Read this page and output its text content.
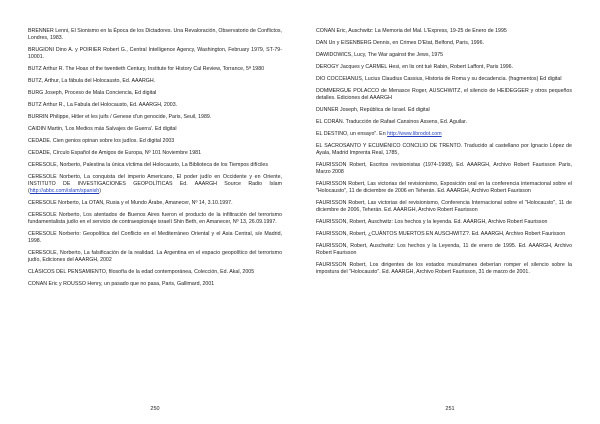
BRENNER Lenni, El Sionismo en la Época de los Dictadores. Una Revaloración, Observatorio de Conflictos, Londres, 1983.

BRUGIONI Dino A. y POIRIER Robert G., Central Intelligence Agency, Washington, February 1979, ST-79-10001.

BUTZ Arthur R. The Hoax of the twentieth Century, Institute for History Cal Review, Torrance, 5ª 1980

BUTZ, Arthur, La fábula del Holocausto, Ed. AAARGH.

BURG Joseph, Proceso de Mala Conciencia, Ed digital

BUTZ Arthur R., La Fabula del Holocausto, Ed. AAARGH, 2003.

BURRIN Philippe, Hitler et les juifs / Genese d'un genocide, Paris, Seuil, 1989.

CAIDIN Martin, 'Los Medios más Salvajes de Guerra'. Ed digital

CEDADE. Cien genios opinan sobre los judíos. Ed digital 2003

CEDADE, Círculo Español de Amigos de Europa, Nº 101 Noviembre 1981

CERESOLE, Norberto, Palestina la única víctima del Holocausto, La Biblioteca de los Tiempos difíciles

CERESOLE Norberto, La conquista del imperio Americano, El poder judío en Occidente y en Oriente, INSTITUTO DE INVESTIGACIONES GEOPOLÍTICAS Ed. AAARGH Source Radio Islam (http://abbc.com/islam/spanish)

CERESOLE Norberto, La OTAN, Rusia y el Mundo Árabe, Amanecer, Nº 14, 3.10.1997.

CERESOLE Norberto, Los atentados de Buenos Aires fueron el producto de la infiltración del terrorismo fundamentalista judío en el servicio de contraespionaje israelí Shin Beth, en Amanecer, Nº 13, 26.09.1997.

CERESOLE Norberto: Geopolítica del Conflicto en el Mediterráneo Oriental y el Asia Central, s/e Madrid, 1998.

CERESOLE, Norberto, La falsificación de la realidad. La Argentina en el espacio geopolítico del terrorismo judío, Ediciones del AAARGH, 2002

CLÁSICOS DEL PENSAMIENTO, filosofía de la edad contemporánea, Colección, Ed. Akal, 2005

CONAN Eric y ROUSSO Henry, un pasado que no pasa, Paris, Gallimard, 2001

250

CONAN Eric, Auschwitz: La Memoria del Mal. L'Express, 19-25 de Enero de 1995

DAN Un y EISENBERG Dennis, en Crimes D'Etat, Belfond, Paris, 1996.

DAWIDOWICS, Lucy, The War against the Jews, 1975

DEROGY Jacques y CARMEL Hesi, en lis ont tué Rabin, Robert Laffont, Paris 1996.

DIO COCCEIANUS, Lucius Claudius Cassius, Historia de Roma y su decadencia. (fragmentos) Ed digital

DOMMERGUE POLACCO de Menasce Roger, AUSCHWITZ, el silencio de HEIDEGGER y otros pequeños detalles. Ediciones del AAARGH

DUNNER Joseph, República de Israel. Ed digital

EL CORÁN. Traducción de Rafael Cansinos Assens, Ed. Aguilar.

EL DESTINO, un ensayo". En http://www.librodot.com

EL SACROSANTO Y ECUMÉNICO CONCILIO DE TRENTO. Traducido al castellano por Ignacio López de Ayala, Madrid Imprenta Real, 1785,

FAURISSON Robert, Escritos revisionistas (1974-1998), Ed. AAARGH, Archivo Robert Faurisson Paris, Marzo 2008

FAURISSON Robert, Las victorias del revisionismo, Exposición oral en la conferencia internacional sobre el "Holocausto", 11 de diciembre de 2006 en Teherán. Ed. AAARGH, Archivo Robert Faurisson

FAURISSON Robert, Las victorias del revisionismo, Conferencia Internacional sobre el "Holocausto", 11 de diciembre de 2006, Teherán. Ed. AAARGH, Archivo Robert Faurisson

FAURISSON, Robert, Auschwitz: Los hechos y la leyenda. Ed. AAARGH, Archivo Robert Faurisson

FAURISSON, Robert, ¿CUÁNTOS MUERTOS EN AUSCHWITZ?. Ed. AAARGH, Archivo Robert Faurisson

FAURISSON, Robert, Auschwitz: Los hechos y la Leyenda, 11 de enero de 1995. Ed. AAARGH, Archivo Robert Faurisson

FAURISSON Robert, Los dirigentes de los estados musulmanes deberían romper el silencio sobre la impostura del "Holocausto". Ed. AAARGH, Archivo Robert Faurisson, 31 de marzo de 2001.

251
